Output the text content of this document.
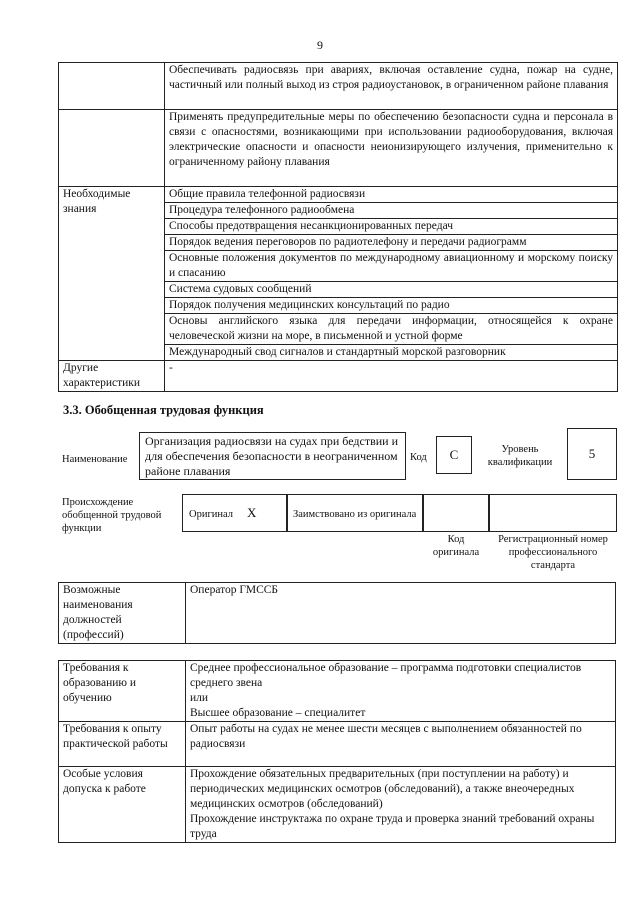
9
	Обеспечивать радиосвязь при авариях, включая оставление судна, пожар на судне, частичный или полный выход из строя радиоустановок, в ограниченном районе плавания
	Применять предупредительные меры по обеспечению безопасности судна и персонала в связи с опасностями, возникающими при использовании радиооборудования, включая электрические опасности и опасности неионизирующего излучения, применительно к ограниченному району плавания
Необходимые знания	Общие правила телефонной радиосвязи
	Процедура телефонного радиообмена
	Способы предотвращения несанкционированных передач
	Порядок ведения переговоров по радиотелефону и передачи радиограмм
	Основные положения документов по международному авиационному и морскому поиску и спасанию
	Система судовых сообщений
	Порядок получения медицинских консультаций по радио
	Основы английского языка для передачи информации, относящейся к охране человеческой жизни на море, в письменной и устной форме
	Международный свод сигналов и стандартный морской разговорник
Другие характеристики	-
3.3. Обобщенная трудовая функция
Наименование
Организация радиосвязи на судах при бедствии и для обеспечения безопасности в неограниченном районе плавания
Код	С	Уровень квалификации
5
Происхождение обобщенной трудовой функции
Оригинал Х	Заимствовано из оригинала
Код оригинала
Регистрационный номер профессионального стандарта
Возможные наименования должностей (профессий)	Оператор ГМССБ
Требования к образованию и обучению	Среднее профессиональное образование – программа подготовки специалистов среднего звена
или
Высшее образование – специалитет

Требования к опыту практической работы	Опыт работы на судах не менее шести месяцев с выполнением обязанностей по радиосвязи

Особые условия допуска к работе	Прохождение обязательных предварительных (при поступлении на работу) и периодических медицинских осмотров (обследований), а также внеочередных медицинских осмотров (обследований)
Прохождение инструктажа по охране труда и проверка знаний требований охраны труда
